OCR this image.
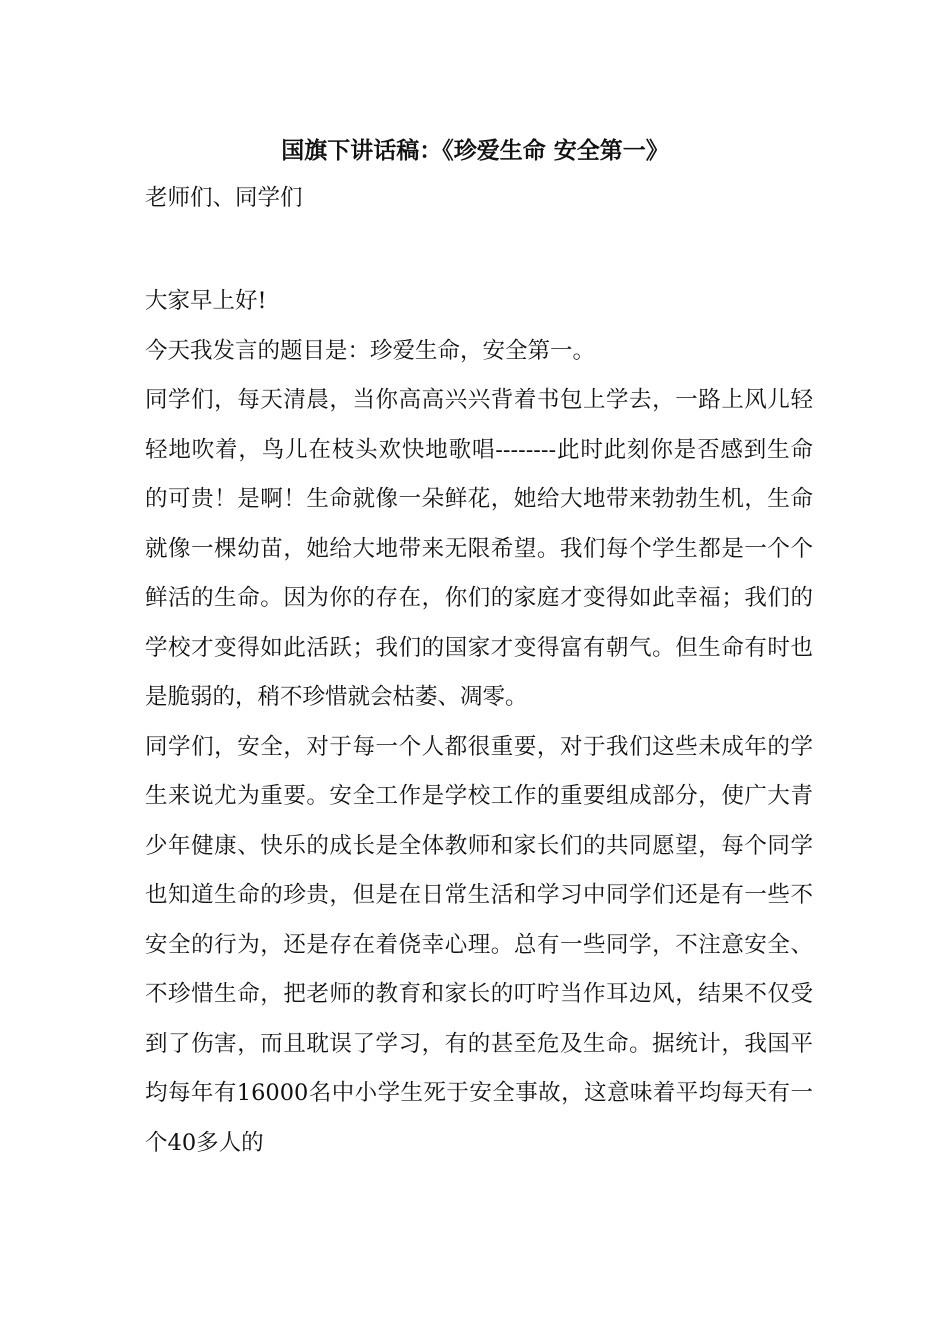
国旗下讲话稿：《珍爱生命 安全第一》
老师们、同学们

大家早上好!

今天我发言的题目是：珍爱生命，安全第一。

同学们，每天清晨，当你高高兴兴背着书包上学去，一路上风儿轻轻地吹着，鸟儿在枝头欢快地歌唱--------此时此刻你是否感到生命的可贵！是啊！生命就像一朵鲜花，她给大地带来勃勃生机，生命就像一棵幼苗，她给大地带来无限希望。我们每个学生都是一个个鲜活的生命。因为你的存在，你们的家庭才变得如此幸福；我们的学校才变得如此活跃；我们的国家才变得富有朝气。但生命有时也是脆弱的，稍不珍惜就会枯萎、凋零。

同学们，安全，对于每一个人都很重要，对于我们这些未成年的学生来说尤为重要。安全工作是学校工作的重要组成部分，使广大青少年健康、快乐的成长是全体教师和家长们的共同愿望，每个同学也知道生命的珍贵，但是在日常生活和学习中同学们还是有一些不安全的行为，还是存在着侥幸心理。总有一些同学，不注意安全、不珍惜生命，把老师的教育和家长的叮咛当作耳边风，结果不仅受到了伤害，而且耽误了学习，有的甚至危及生命。据统计，我国平均每年有16000名中小学生死于安全事故，这意味着平均每天有一个40多人的
